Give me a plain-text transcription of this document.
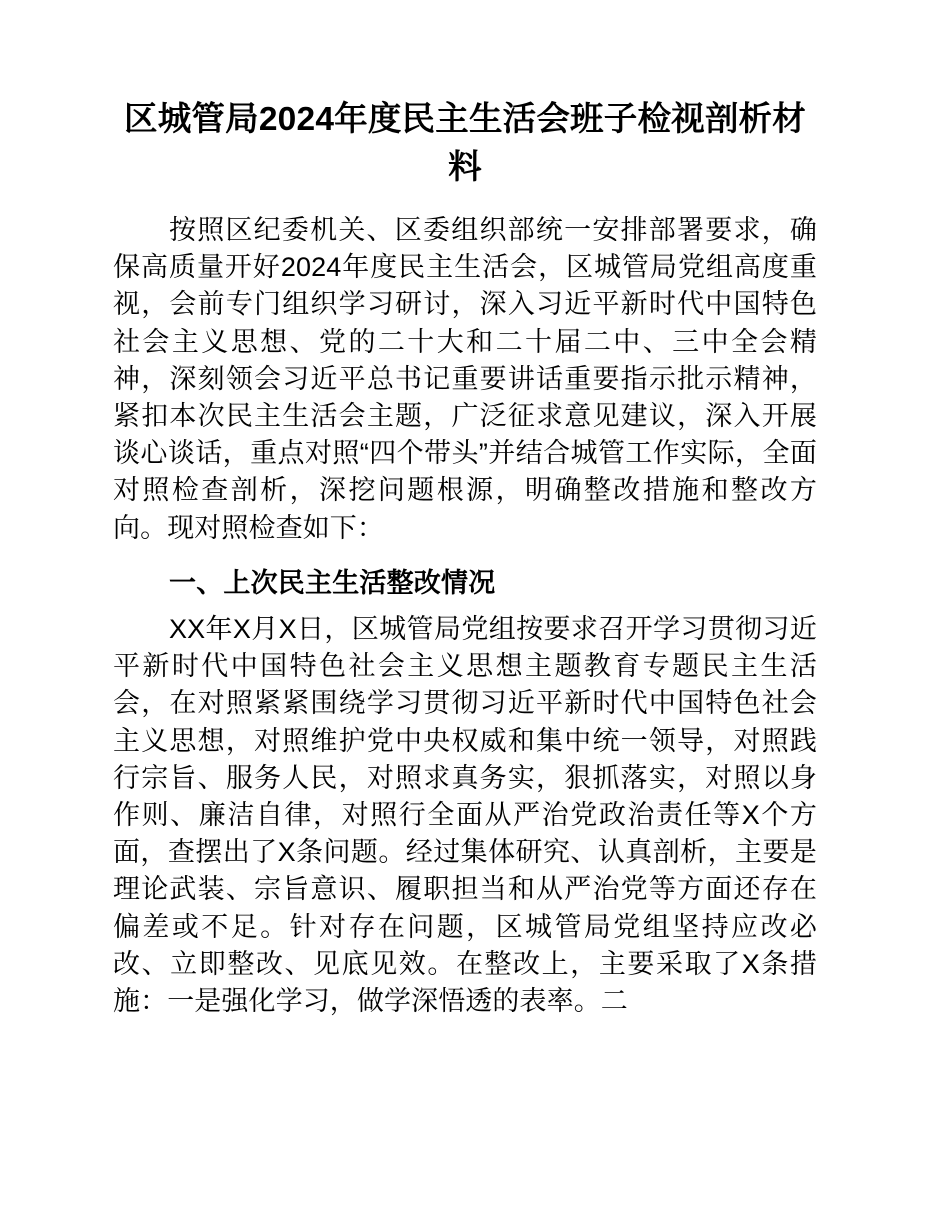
区城管局2024年度民主生活会班子检视剖析材料

按照区纪委机关、区委组织部统一安排部署要求，确保高质量开好2024年度民主生活会，区城管局党组高度重视，会前专门组织学习研讨，深入习近平新时代中国特色社会主义思想、党的二十大和二十届二中、三中全会精神，深刻领会习近平总书记重要讲话重要指示批示精神，紧扣本次民主生活会主题，广泛征求意见建议，深入开展谈心谈话，重点对照“四个带头”并结合城管工作实际，全面对照检查剖析，深挖问题根源，明确整改措施和整改方向。现对照检查如下：

一、上次民主生活整改情况

XX年X月X日，区城管局党组按要求召开学习贯彻习近平新时代中国特色社会主义思想主题教育专题民主生活会，在对照紧紧围绕学习贯彻习近平新时代中国特色社会主义思想，对照维护党中央权威和集中统一领导，对照践行宗旨、服务人民，对照求真务实，狠抓落实，对照以身作则、廉洁自律，对照行全面从严治党政治责任等X个方面，查摆出了X条问题。经过集体研究、认真剖析，主要是理论武装、宗旨意识、履职担当和从严治党等方面还存在偏差或不足。针对存在问题，区城管局党组坚持应改必改、立即整改、见底见效。在整改上，主要采取了X条措施：一是强化学习，做学深悟透的表率。二
